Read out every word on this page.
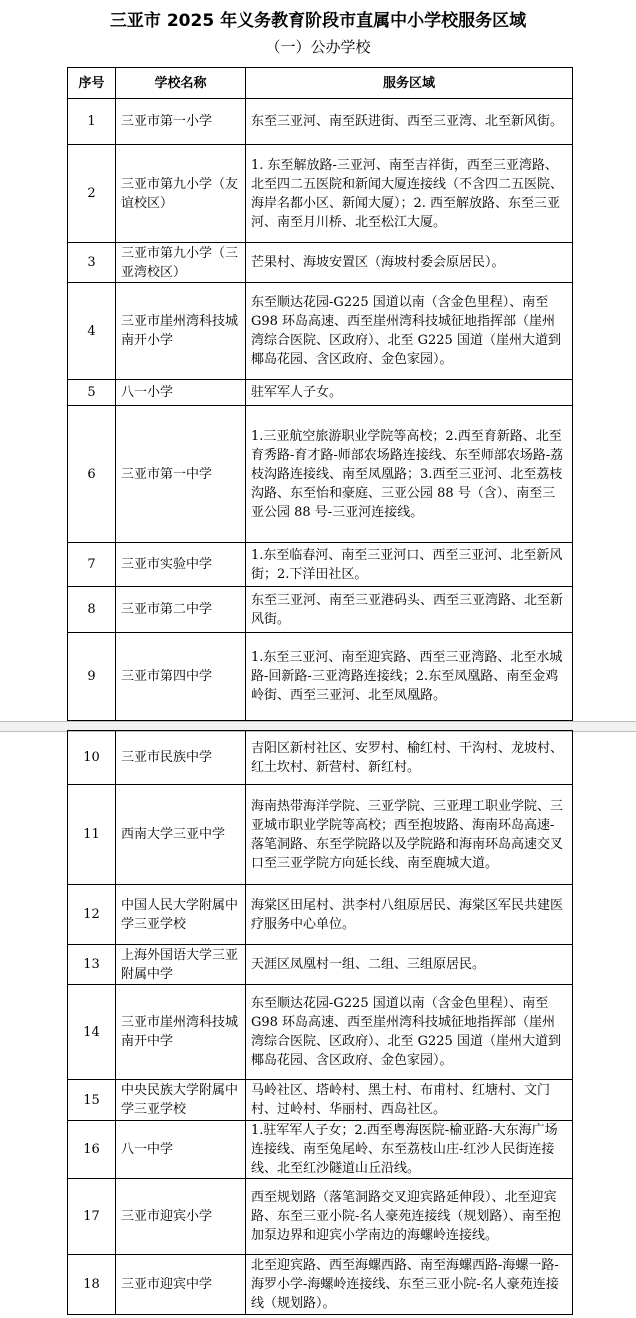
三亚市 2025 年义务教育阶段市直属中小学校服务区域
（一）公办学校
序号	学校名称	服务区域
1	三亚市第一小学	东至三亚河、南至跃进街、西至三亚湾、北至新风街。
2	三亚市第九小学（友谊校区）	1. 东至解放路-三亚河、南至吉祥街，西至三亚湾路、北至四二五医院和新闻大厦连接线（不含四二五医院、海岸名都小区、新闻大厦）；2. 西至解放路、东至三亚河、南至月川桥、北至松江大厦。
3	三亚市第九小学（三亚湾校区）	芒果村、海坡安置区（海坡村委会原居民）。
4	三亚市崖州湾科技城南开小学	东至顺达花园-G225 国道以南（含金色里程）、南至 G98 环岛高速、西至崖州湾科技城征地指挥部（崖州湾综合医院、区政府）、北至 G225 国道（崖州大道到椰岛花园、含区政府、金色家园）。
5	八一小学	驻军军人子女。
6	三亚市第一中学	1.三亚航空旅游职业学院等高校；2.西至育新路、北至育秀路-育才路-师部农场路连接线、东至师部农场路-荔枝沟路连接线、南至凤凰路；3.西至三亚河、北至荔枝沟路、东至怡和豪庭、三亚公园 88 号（含）、南至三亚公园 88 号-三亚河连接线。
7	三亚市实验中学	1.东至临春河、南至三亚河口、西至三亚河、北至新风街；2.下洋田社区。
8	三亚市第二中学	东至三亚河、南至三亚港码头、西至三亚湾路、北至新风街。
9	三亚市第四中学	1.东至三亚河、南至迎宾路、西至三亚湾路、北至水城路-回新路-三亚湾路连接线；2.东至凤凰路、南至金鸡岭街、西至三亚河、北至凤凰路。
10	三亚市民族中学	吉阳区新村社区、安罗村、榆红村、干沟村、龙坡村、红土坎村、新营村、新红村。
11	西南大学三亚中学	海南热带海洋学院、三亚学院、三亚理工职业学院、三亚城市职业学院等高校；西至抱坡路、海南环岛高速-落笔洞路、东至学院路以及学院路和海南环岛高速交叉口至三亚学院方向延长线、南至鹿城大道。
12	中国人民大学附属中学三亚学校	海棠区田尾村、洪李村八组原居民、海棠区军民共建医疗服务中心单位。
13	上海外国语大学三亚附属中学	天涯区凤凰村一组、二组、三组原居民。
14	三亚市崖州湾科技城南开中学	东至顺达花园-G225 国道以南（含金色里程）、南至 G98 环岛高速、西至崖州湾科技城征地指挥部（崖州湾综合医院、区政府）、北至 G225 国道（崖州大道到椰岛花园、含区政府、金色家园）。
15	中央民族大学附属中学三亚学校	马岭社区、塔岭村、黑土村、布甫村、红塘村、文门村、过岭村、华丽村、西岛社区。
16	八一中学	1.驻军军人子女；2.西至粤海医院-榆亚路-大东海广场连接线、南至兔尾岭、东至荔枝山庄-红沙人民街连接线、北至红沙隧道山丘沿线。
17	三亚市迎宾小学	西至规划路（落笔洞路交叉迎宾路延伸段）、北至迎宾路、东至三亚小院-名人豪苑连接线（规划路）、南至抱加泵边界和迎宾小学南边的海螺岭连接线。
18	三亚市迎宾中学	北至迎宾路、西至海螺西路、南至海螺西路-海螺一路-海罗小学-海螺岭连接线、东至三亚小院-名人豪苑连接线（规划路）。
